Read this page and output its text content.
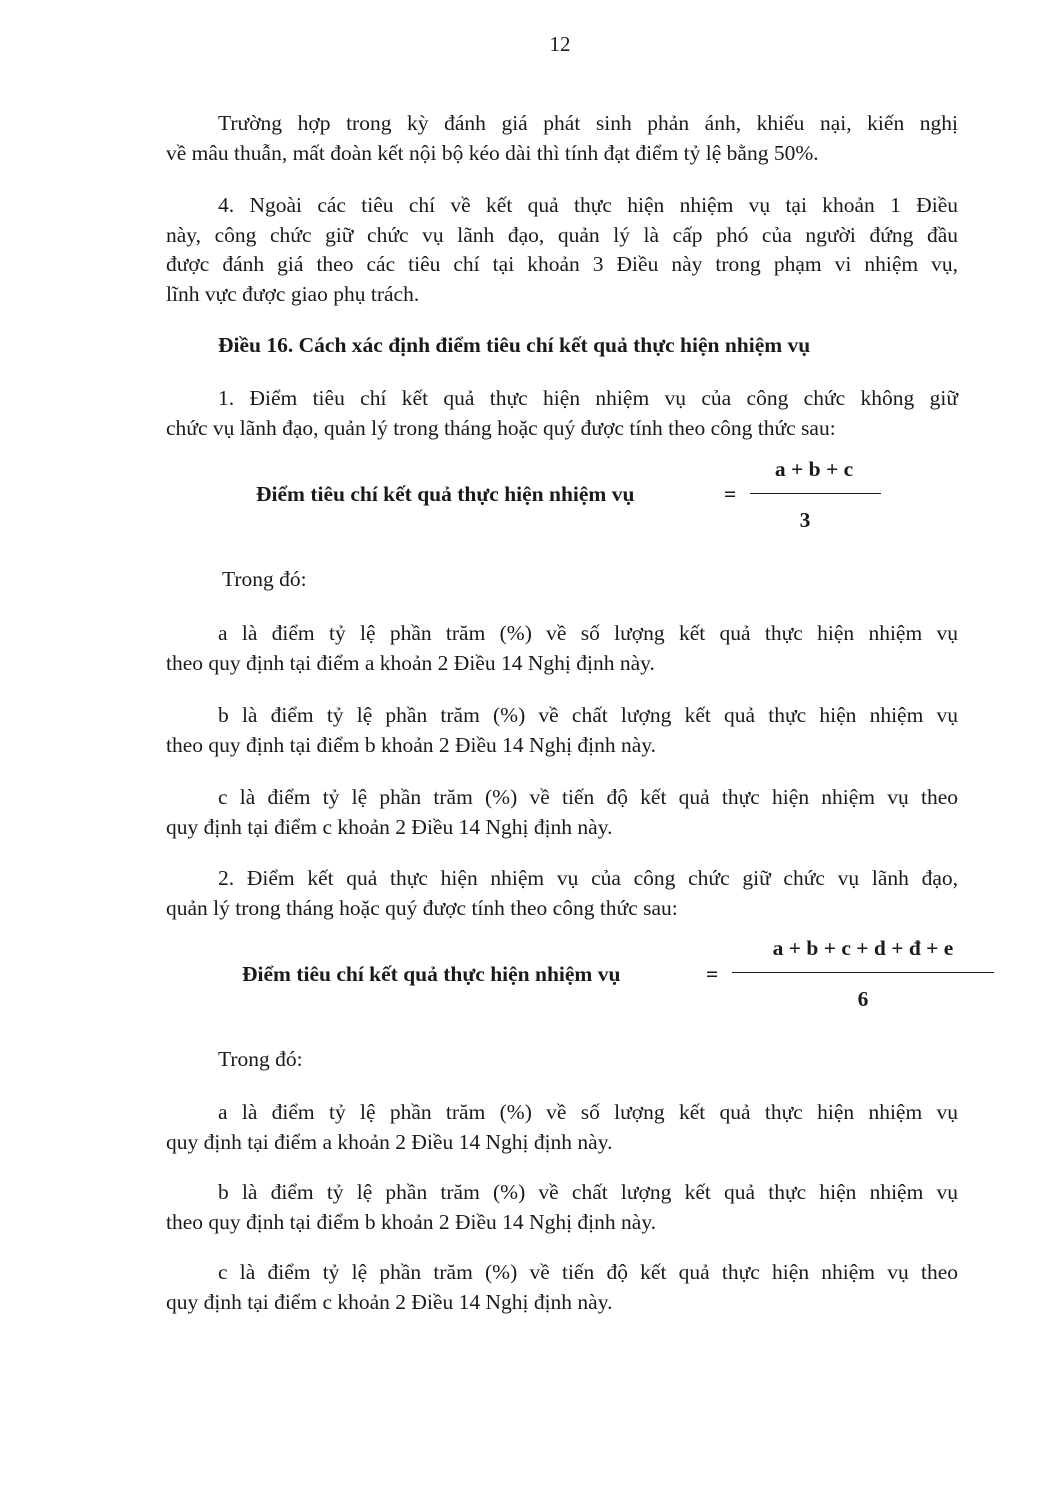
12
Trường hợp trong kỳ đánh giá phát sinh phản ánh, khiếu nại, kiến nghị
về mâu thuẫn, mất đoàn kết nội bộ kéo dài thì tính đạt điểm tỷ lệ bằng 50%.
4. Ngoài các tiêu chí về kết quả thực hiện nhiệm vụ tại khoản 1 Điều
này, công chức giữ chức vụ lãnh đạo, quản lý là cấp phó của người đứng đầu
được đánh giá theo các tiêu chí tại khoản 3 Điều này trong phạm vi nhiệm vụ,
lĩnh vực được giao phụ trách.
Điều 16. Cách xác định điểm tiêu chí kết quả thực hiện nhiệm vụ
1. Điểm tiêu chí kết quả thực hiện nhiệm vụ của công chức không giữ
chức vụ lãnh đạo, quản lý trong tháng hoặc quý được tính theo công thức sau:
Điểm tiêu chí kết quả thực hiện nhiệm vụ	=
a + b + c
3
Trong đó:
a là điểm tỷ lệ phần trăm (%) về số lượng kết quả thực hiện nhiệm vụ
theo quy định tại điểm a khoản 2 Điều 14 Nghị định này.
b là điểm tỷ lệ phần trăm (%) về chất lượng kết quả thực hiện nhiệm vụ
theo quy định tại điểm b khoản 2 Điều 14 Nghị định này.
c là điểm tỷ lệ phần trăm (%) về tiến độ kết quả thực hiện nhiệm vụ theo
quy định tại điểm c khoản 2 Điều 14 Nghị định này.
2. Điểm kết quả thực hiện nhiệm vụ của công chức giữ chức vụ lãnh đạo,
quản lý trong tháng hoặc quý được tính theo công thức sau:
Điểm tiêu chí kết quả thực hiện nhiệm vụ	=
a + b + c + d + đ + e
6
Trong đó:
a là điểm tỷ lệ phần trăm (%) về số lượng kết quả thực hiện nhiệm vụ
quy định tại điểm a khoản 2 Điều 14 Nghị định này.
b là điểm tỷ lệ phần trăm (%) về chất lượng kết quả thực hiện nhiệm vụ
theo quy định tại điểm b khoản 2 Điều 14 Nghị định này.
c là điểm tỷ lệ phần trăm (%) về tiến độ kết quả thực hiện nhiệm vụ theo
quy định tại điểm c khoản 2 Điều 14 Nghị định này.
